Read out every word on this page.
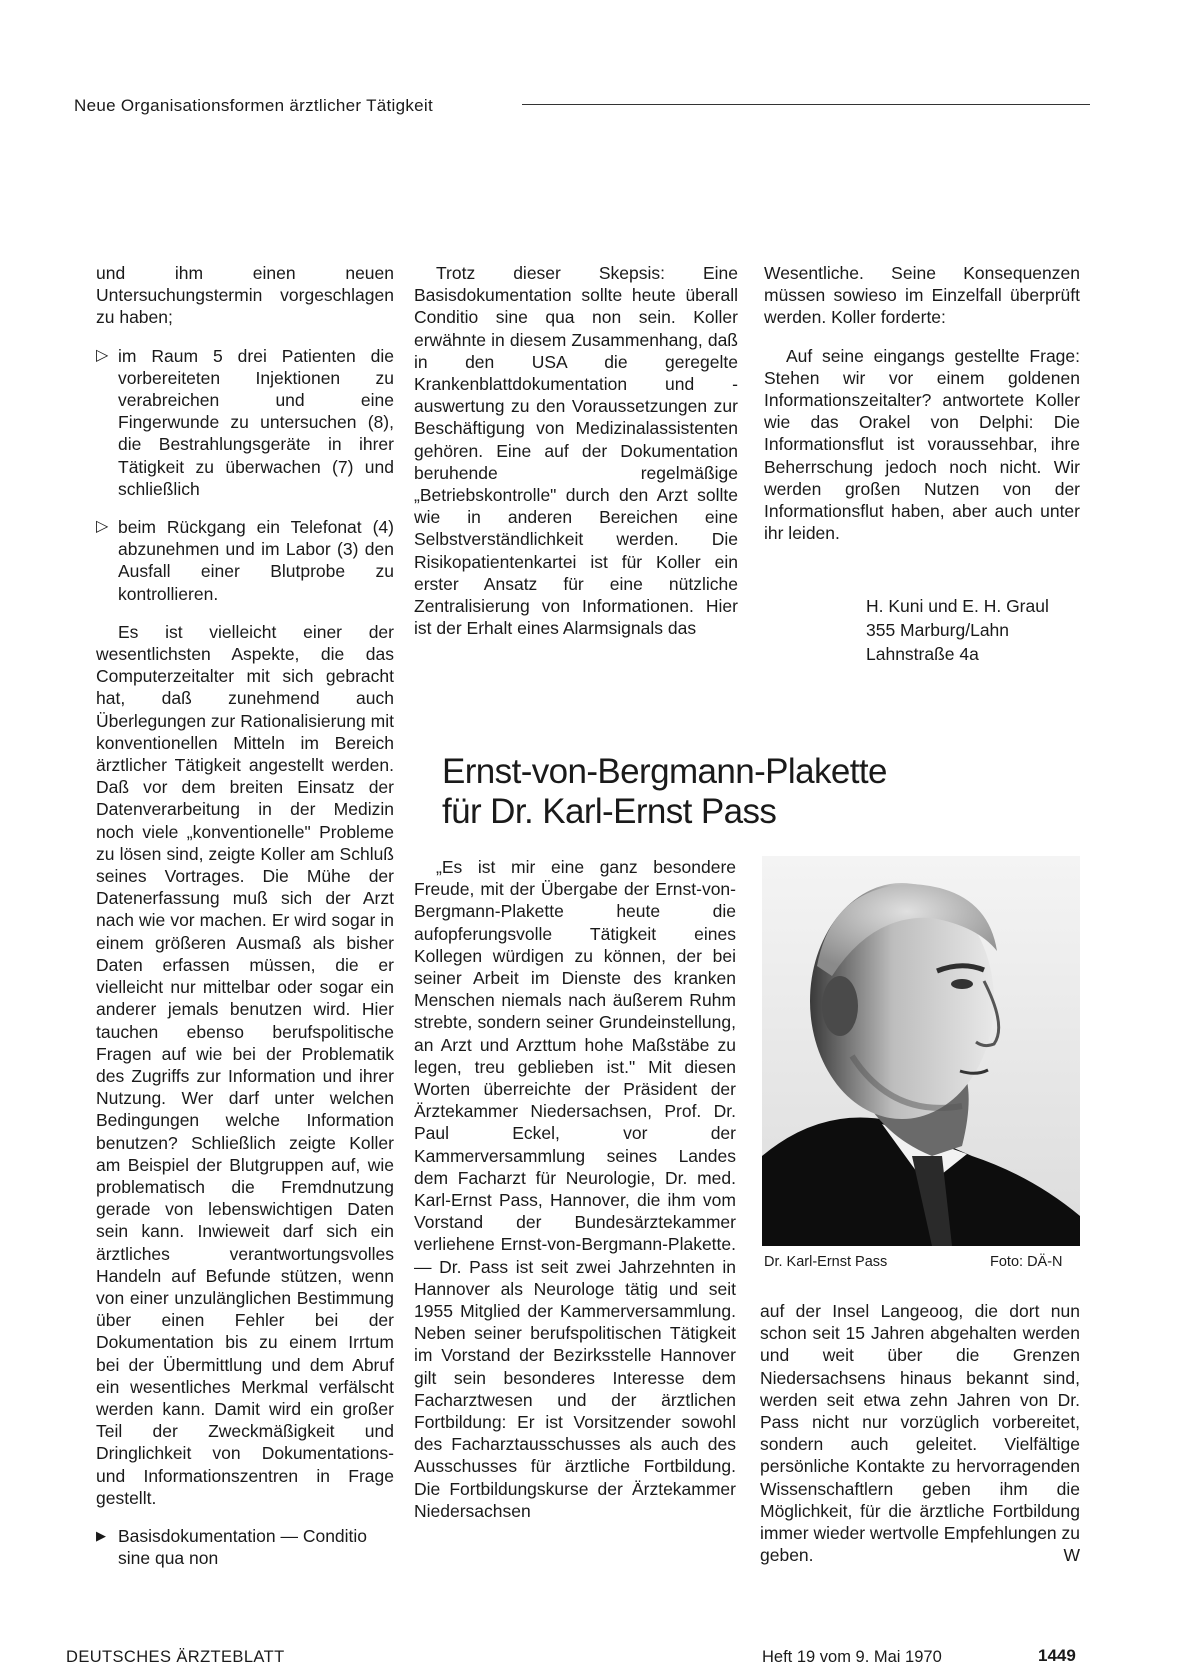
Neue Organisationsformen ärztlicher Tätigkeit

und ihm einen neuen Untersuchungstermin vorgeschlagen zu haben;

▷ im Raum 5 drei Patienten die vorbereiteten Injektionen zu verabreichen und eine Fingerwunde zu untersuchen (8), die Bestrahlungsgeräte in ihrer Tätigkeit zu überwachen (7) und schließlich
▷ beim Rückgang ein Telefonat (4) abzunehmen und im Labor (3) den Ausfall einer Blutprobe zu kontrollieren.

Es ist vielleicht einer der wesentlichsten Aspekte, die das Computerzeitalter mit sich gebracht hat, daß zunehmend auch Überlegungen zur Rationalisierung mit konventionellen Mitteln im Bereich ärztlicher Tätigkeit angestellt werden. Daß vor dem breiten Einsatz der Datenverarbeitung in der Medizin noch viele „konventionelle" Probleme zu lösen sind, zeigte Koller am Schluß seines Vortrages. Die Mühe der Datenerfassung muß sich der Arzt nach wie vor machen. Er wird sogar in einem größeren Ausmaß als bisher Daten erfassen müssen, die er vielleicht nur mittelbar oder sogar ein anderer jemals benutzen wird. Hier tauchen ebenso berufspolitische Fragen auf wie bei der Problematik des Zugriffs zur Information und ihrer Nutzung. Wer darf unter welchen Bedingungen welche Information benutzen? Schließlich zeigte Koller am Beispiel der Blutgruppen auf, wie problematisch die Fremdnutzung gerade von lebenswichtigen Daten sein kann. Inwieweit darf sich ein ärztliches verantwortungsvolles Handeln auf Befunde stützen, wenn von einer unzulänglichen Bestimmung über einen Fehler bei der Dokumentation bis zu einem Irrtum bei der Übermittlung und dem Abruf ein wesentliches Merkmal verfälscht werden kann. Damit wird ein großer Teil der Zweckmäßigkeit und Dringlichkeit von Dokumentations- und Informationszentren in Frage gestellt.

▶ Basisdokumentation — Conditio sine qua non

Trotz dieser Skepsis: Eine Basisdokumentation sollte heute überall Conditio sine qua non sein. Koller erwähnte in diesem Zusammenhang, daß in den USA die geregelte Krankenblattdokumentation und -auswertung zu den Voraussetzungen zur Beschäftigung von Medizinalassistenten gehören. Eine auf der Dokumentation beruhende regelmäßige „Betriebskontrolle" durch den Arzt sollte wie in anderen Bereichen eine Selbstverständlichkeit werden. Die Risikopatientenkartei ist für Koller ein erster Ansatz für eine nützliche Zentralisierung von Informationen. Hier ist der Erhalt eines Alarmsignals das

Wesentliche. Seine Konsequenzen müssen sowieso im Einzelfall überprüft werden. Koller forderte:

Auf seine eingangs gestellte Frage: Stehen wir vor einem goldenen Informationszeitalter? antwortete Koller wie das Orakel von Delphi: Die Informationsflut ist voraussehbar, ihre Beherrschung jedoch noch nicht. Wir werden großen Nutzen von der Informationsflut haben, aber auch unter ihr leiden.

H. Kuni und E. H. Graul
355 Marburg/Lahn
Lahnstraße 4a
Ernst-von-Bergmann-Plakette
für Dr. Karl-Ernst Pass

„Es ist mir eine ganz besondere Freude, mit der Übergabe der Ernst-von-Bergmann-Plakette heute die aufopferungsvolle Tätigkeit eines Kollegen würdigen zu können, der bei seiner Arbeit im Dienste des kranken Menschen niemals nach äußerem Ruhm strebte, sondern seiner Grundeinstellung, an Arzt und Arzttum hohe Maßstäbe zu legen, treu geblieben ist." Mit diesen Worten überreichte der Präsident der Ärztekammer Niedersachsen, Prof. Dr. Paul Eckel, vor der Kammerversammlung seines Landes dem Facharzt für Neurologie, Dr. med. Karl-Ernst Pass, Hannover, die ihm vom Vorstand der Bundesärztekammer verliehene Ernst-von-Bergmann-Plakette. — Dr. Pass ist seit zwei Jahrzehnten in Hannover als Neurologe tätig und seit 1955 Mitglied der Kammerversammlung. Neben seiner berufspolitischen Tätigkeit im Vorstand der Bezirksstelle Hannover gilt sein besonderes Interesse dem Facharztwesen und der ärztlichen Fortbildung: Er ist Vorsitzender sowohl des Facharztausschusses als auch des Ausschusses für ärztliche Fortbildung. Die Fortbildungskurse der Ärztekammer Niedersachsen

Dr. Karl-Ernst Pass	Foto: DÄ-N

auf der Insel Langeoog, die dort nun schon seit 15 Jahren abgehalten werden und weit über die Grenzen Niedersachsens hinaus bekannt sind, werden seit etwa zehn Jahren von Dr. Pass nicht nur vorzüglich vorbereitet, sondern auch geleitet. Vielfältige persönliche Kontakte zu hervorragenden Wissenschaftlern geben ihm die Möglichkeit, für die ärztliche Fortbildung immer wieder wertvolle Empfehlungen zu geben.	W

DEUTSCHES ÄRZTEBLATT	Heft 19 vom 9. Mai 1970	1449
